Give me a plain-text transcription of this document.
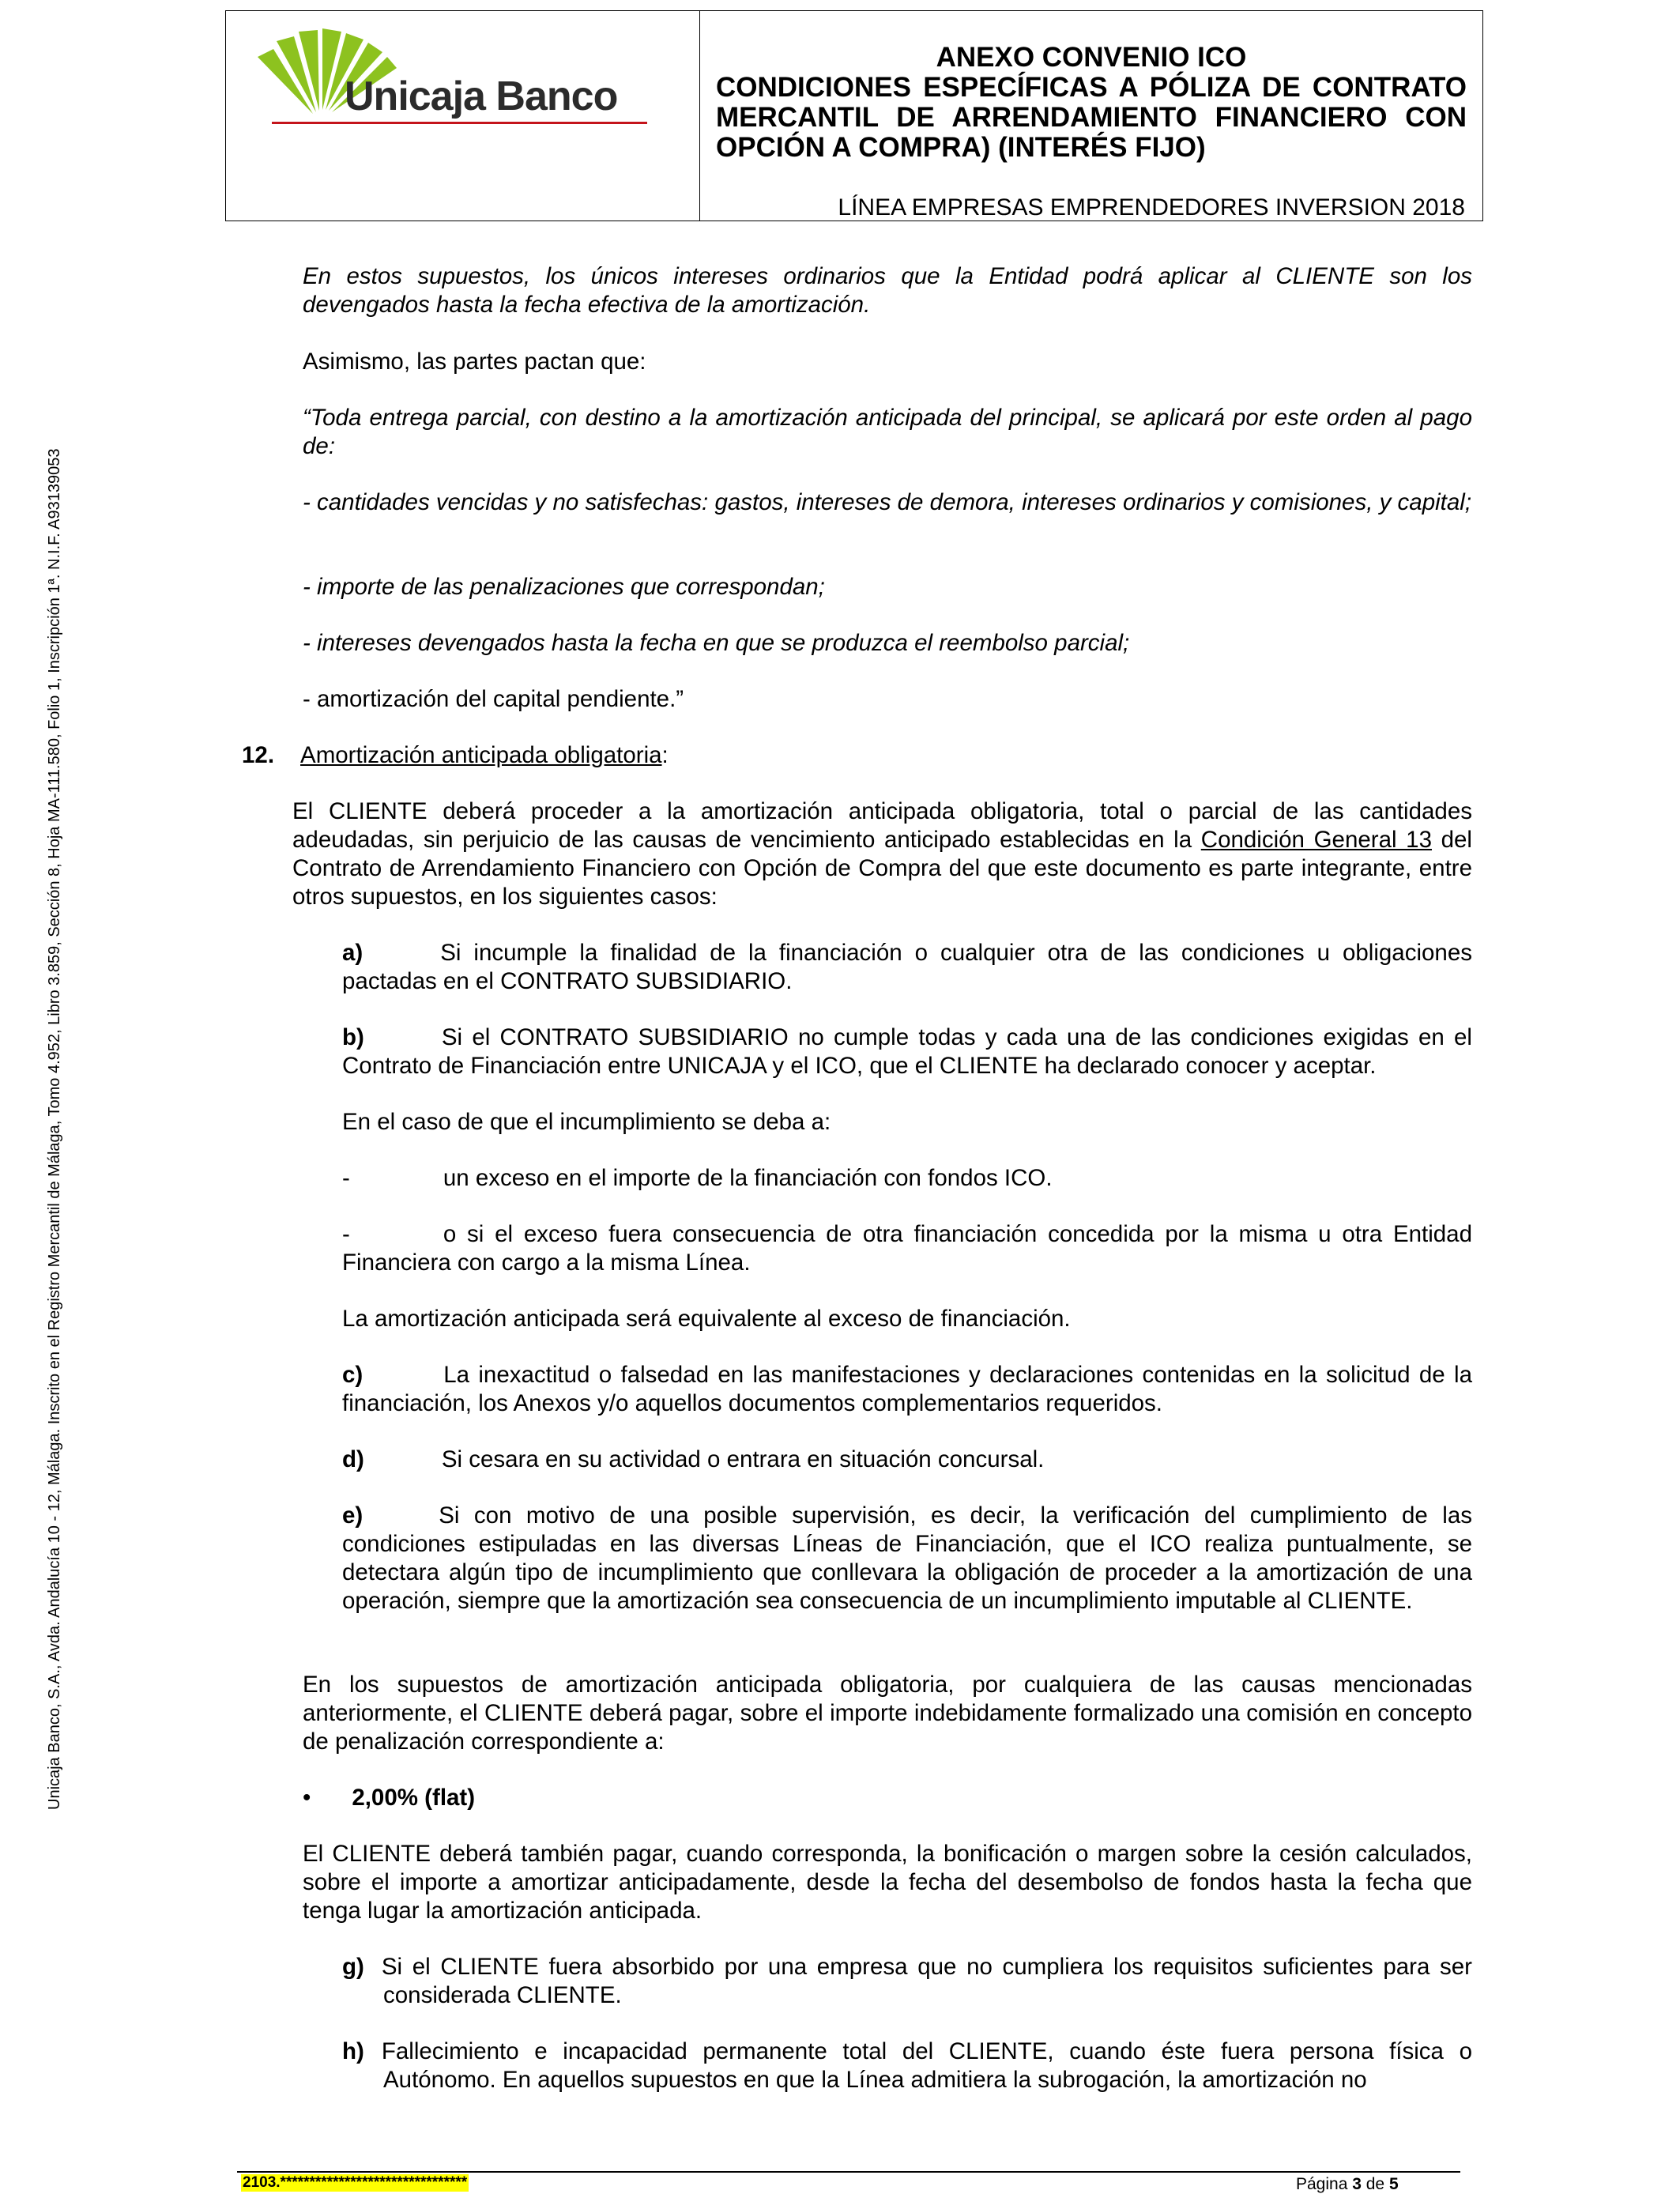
Unicaja Banco
ANEXO CONVENIO ICO
CONDICIONES ESPECÍFICAS A PÓLIZA DE CONTRATO
MERCANTIL DE ARRENDAMIENTO FINANCIERO CON
OPCIÓN A COMPRA) (INTERÉS FIJO)
LÍNEA EMPRESAS EMPRENDEDORES INVERSION 2018
Unicaja Banco, S.A., Avda. Andalucía 10 - 12, Málaga. Inscrito en el Registro Mercantil de Málaga, Tomo 4.952, Libro 3.859, Sección 8, Hoja MA-111.580, Folio 1, Inscripción 1ª. N.I.F. A93139053
En estos supuestos, los únicos intereses ordinarios que la Entidad podrá aplicar al CLIENTE son los devengados hasta la fecha efectiva de la amortización.
Asimismo, las partes pactan que:
“Toda entrega parcial, con destino a la amortización anticipada del principal, se aplicará por este orden al pago de:
- cantidades vencidas y no satisfechas: gastos, intereses de demora, intereses ordinarios y comisiones, y capital;
- importe de las penalizaciones que correspondan;
- intereses devengados hasta la fecha en que se produzca el reembolso parcial;
- amortización del capital pendiente.”
12. Amortización anticipada obligatoria:
El CLIENTE deberá proceder a la amortización anticipada obligatoria, total o parcial de las cantidades adeudadas, sin perjuicio de las causas de vencimiento anticipado establecidas en la Condición General 13 del Contrato de Arrendamiento Financiero con Opción de Compra del que este documento es parte integrante, entre otros supuestos, en los siguientes casos:
a)	Si incumple la finalidad de la financiación o cualquier otra de las condiciones u obligaciones pactadas en el CONTRATO SUBSIDIARIO.
b)	Si el CONTRATO SUBSIDIARIO no cumple todas y cada una de las condiciones exigidas en el Contrato de Financiación entre UNICAJA y el ICO, que el CLIENTE ha declarado conocer y aceptar.
En el caso de que el incumplimiento se deba a:
-	un exceso en el importe de la financiación con fondos ICO.
-	o si el exceso fuera consecuencia de otra financiación concedida por la misma u otra Entidad Financiera con cargo a la misma Línea.
La amortización anticipada será equivalente al exceso de financiación.
c)	La inexactitud o falsedad en las manifestaciones y declaraciones contenidas en la solicitud de la financiación, los Anexos y/o aquellos documentos complementarios requeridos.
d)	Si cesara en su actividad o entrara en situación concursal.
e)	Si con motivo de una posible supervisión, es decir, la verificación del cumplimiento de las condiciones estipuladas en las diversas Líneas de Financiación, que el ICO realiza puntualmente, se detectara algún tipo de incumplimiento que conllevara la obligación de proceder a la amortización de una operación, siempre que la amortización sea consecuencia de un incumplimiento imputable al CLIENTE.
En los supuestos de amortización anticipada obligatoria, por cualquiera de las causas mencionadas anteriormente, el CLIENTE deberá pagar, sobre el importe indebidamente formalizado una comisión en concepto de penalización correspondiente a:
• 2,00% (flat)
El CLIENTE deberá también pagar, cuando corresponda, la bonificación o margen sobre la cesión calculados, sobre el importe a amortizar anticipadamente, desde la fecha del desembolso de fondos hasta la fecha que tenga lugar la amortización anticipada.
g) Si el CLIENTE fuera absorbido por una empresa que no cumpliera los requisitos suficientes para ser considerada CLIENTE.
h) Fallecimiento e incapacidad permanente total del CLIENTE, cuando éste fuera persona física o Autónomo. En aquellos supuestos en que la Línea admitiera la subrogación, la amortización no
2103.********************************	Página 3 de 5
